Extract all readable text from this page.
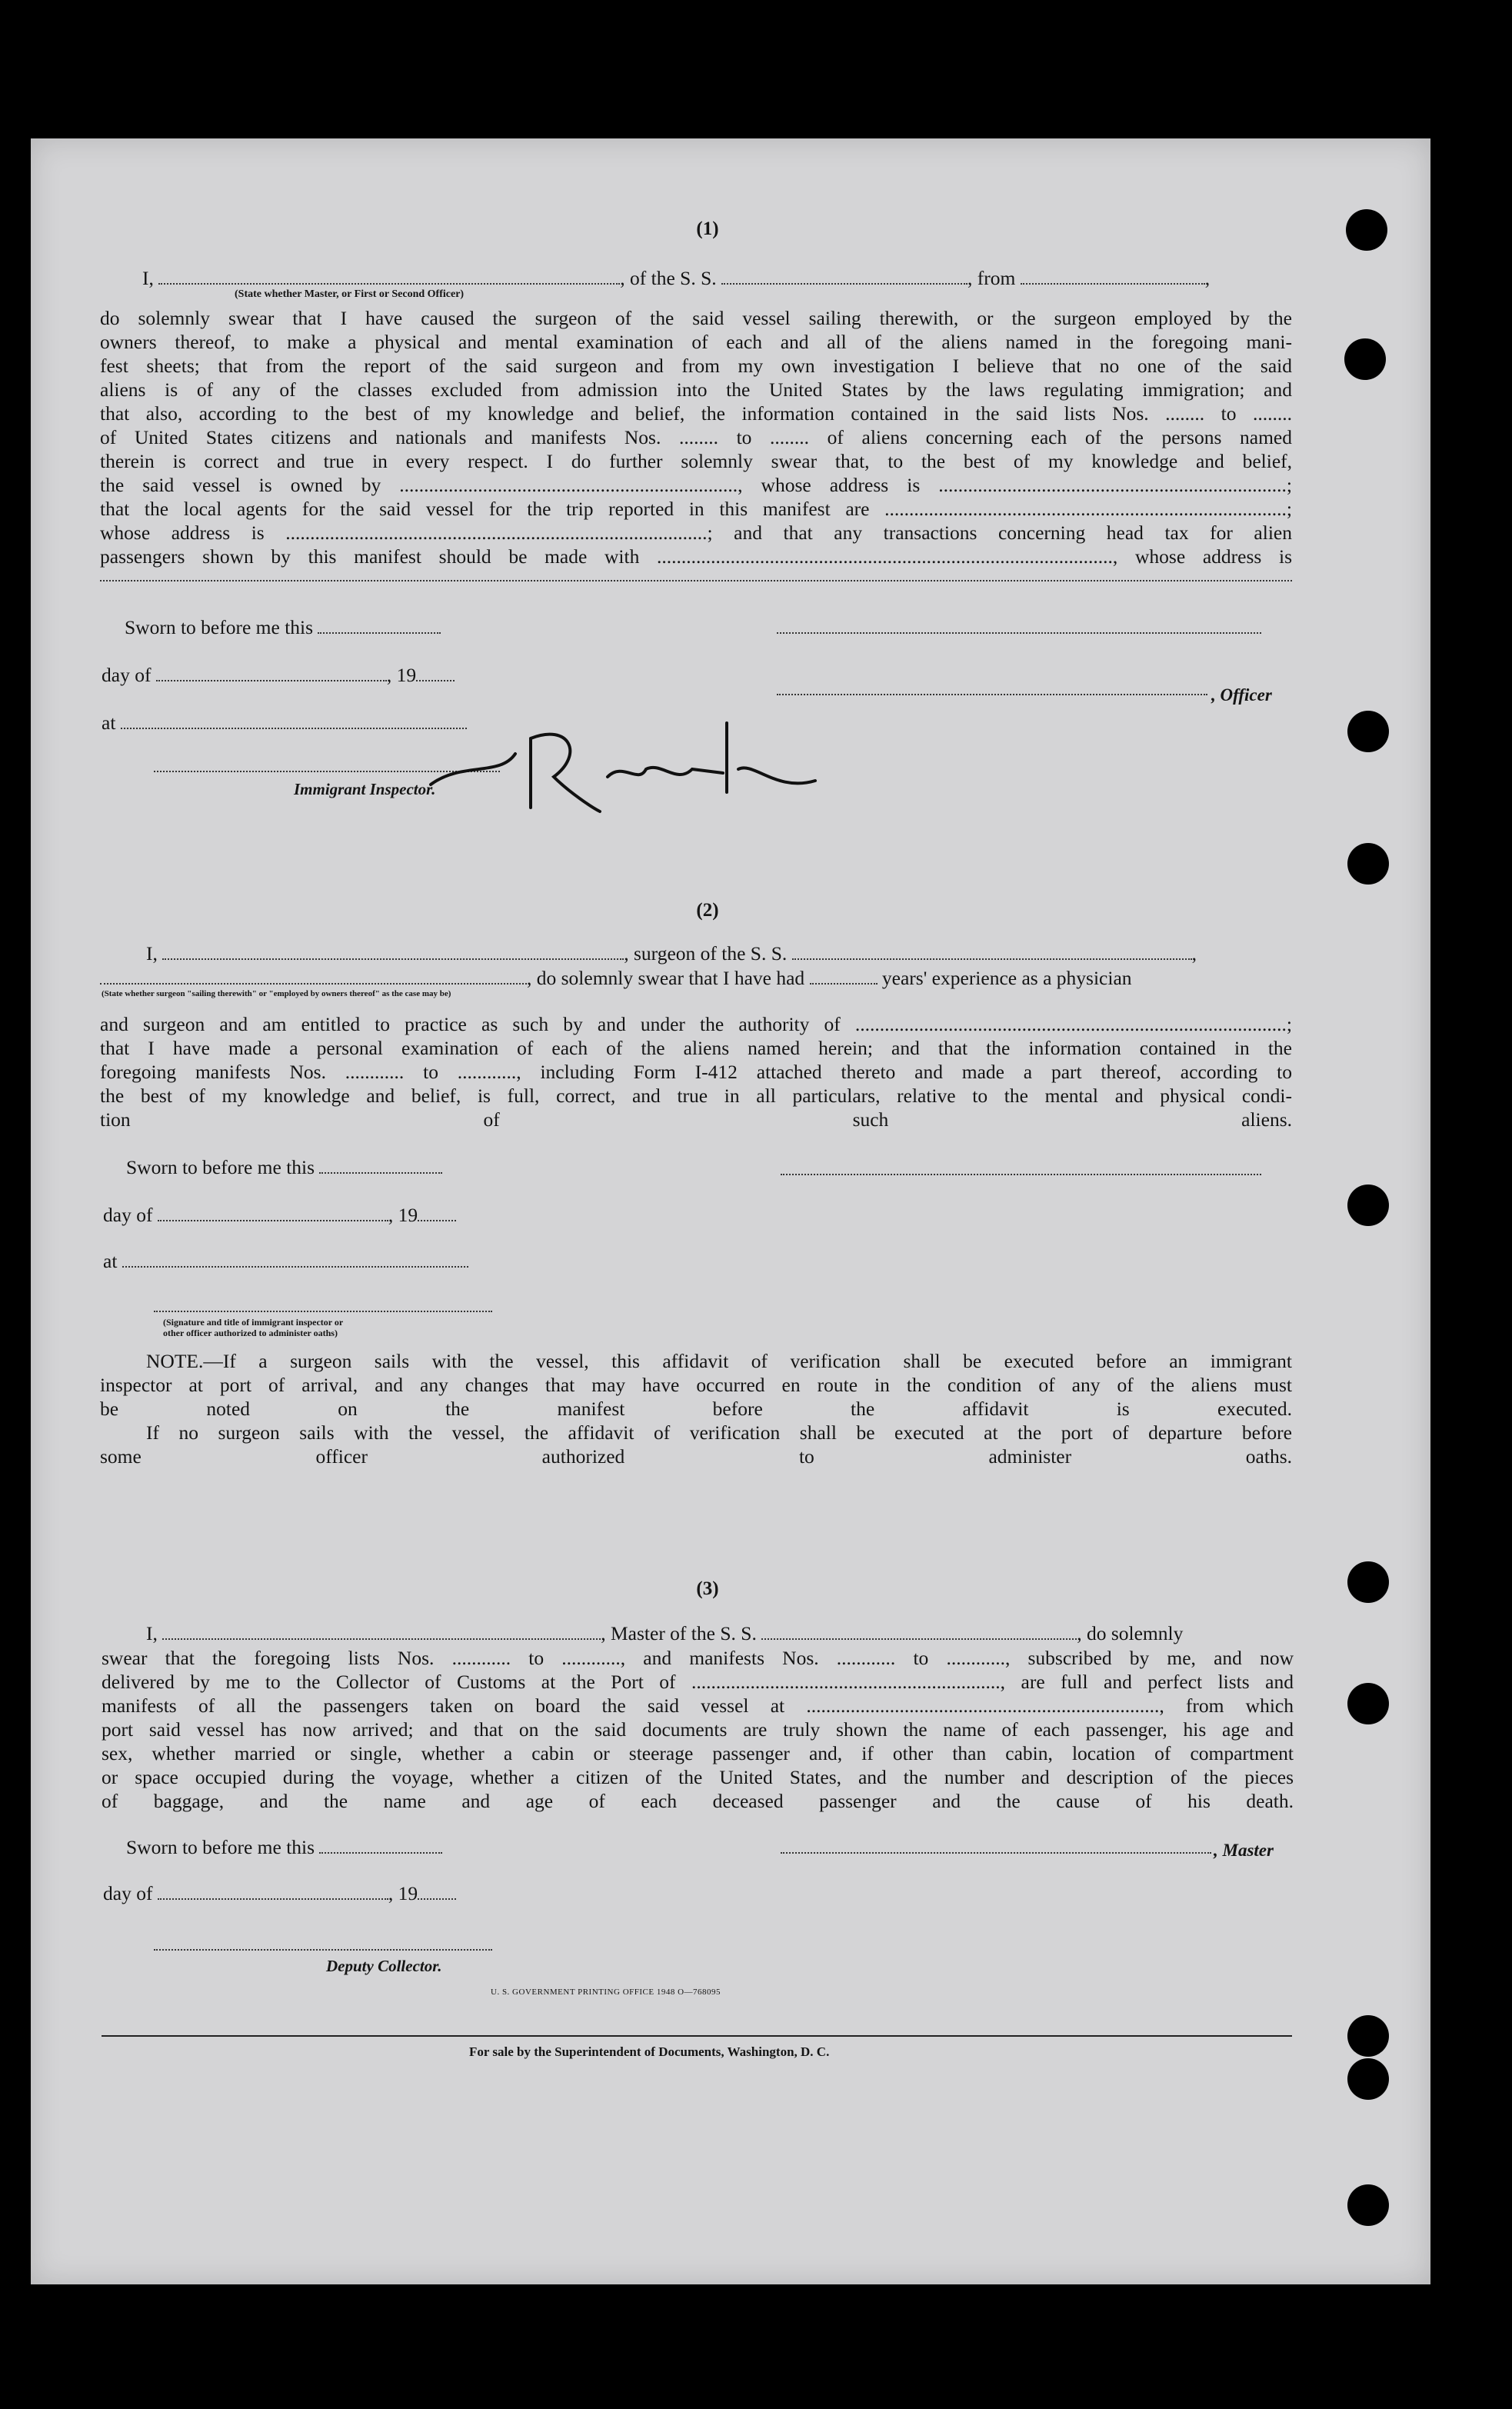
(1)
I,	, of the S. S.	, from	,
(State whether Master, or First or Second Officer)
do solemnly swear that I have caused the surgeon of the said vessel sailing therewith, or the surgeon employed by the
owners thereof, to make a physical and mental examination of each and all of the aliens named in the foregoing mani-
fest sheets; that from the report of the said surgeon and from my own investigation I believe that no one of the said
aliens is of any of the classes excluded from admission into the United States by the laws regulating immigration; and
that also, according to the best of my knowledge and belief, the information contained in the said lists Nos. ........ to ........
of United States citizens and nationals and manifests Nos. ........ to ........ of aliens concerning each of the persons named
therein is correct and true in every respect. I do further solemnly swear that, to the best of my knowledge and belief,
the said vessel is owned by ....................................................................., whose address is .......................................................................;
that the local agents for the said vessel for the trip reported in this manifest are ..................................................................................;
whose address is ......................................................................................; and that any transactions concerning head tax for alien
passengers shown by this manifest should be made with ............................................................................................., whose address is
Sworn to before me this
day of	, 19
, Officer
at
Immigrant Inspector.
(2)
I,	, surgeon of the S. S.	,
, do solemnly swear that I have had	years' experience as a physician
(State whether surgeon "sailing therewith" or "employed by owners thereof" as the case may be)
and surgeon and am entitled to practice as such by and under the authority of ........................................................................................;
that I have made a personal examination of each of the aliens named herein; and that the information contained in the
foregoing manifests Nos. ............ to ............, including Form I-412 attached thereto and made a part thereof, according to
the best of my knowledge and belief, is full, correct, and true in all particulars, relative to the mental and physical condi-
tion of such aliens.
Sworn to before me this
day of	, 19
at
(Signature and title of immigrant inspector or
other officer authorized to administer oaths)
NOTE.—If a surgeon sails with the vessel, this affidavit of verification shall be executed before an immigrant
inspector at port of arrival, and any changes that may have occurred en route in the condition of any of the aliens must
be noted on the manifest before the affidavit is executed.
If no surgeon sails with the vessel, the affidavit of verification shall be executed at the port of departure before
some officer authorized to administer oaths.
(3)
I,	, Master of the S. S.	, do solemnly
swear that the foregoing lists Nos. ............ to ............, and manifests Nos. ............ to ............, subscribed by me, and now
delivered by me to the Collector of Customs at the Port of ..............................................................., are full and perfect lists and
manifests of all the passengers taken on board the said vessel at ........................................................................, from which
port said vessel has now arrived; and that on the said documents are truly shown the name of each passenger, his age and
sex, whether married or single, whether a cabin or steerage passenger and, if other than cabin, location of compartment
or space occupied during the voyage, whether a citizen of the United States, and the number and description of the pieces
of baggage, and the name and age of each deceased passenger and the cause of his death.
Sworn to before me this	, Master
day of	, 19
Deputy Collector.
U. S. GOVERNMENT PRINTING OFFICE 1948 O—768095
For sale by the Superintendent of Documents, Washington, D. C.
